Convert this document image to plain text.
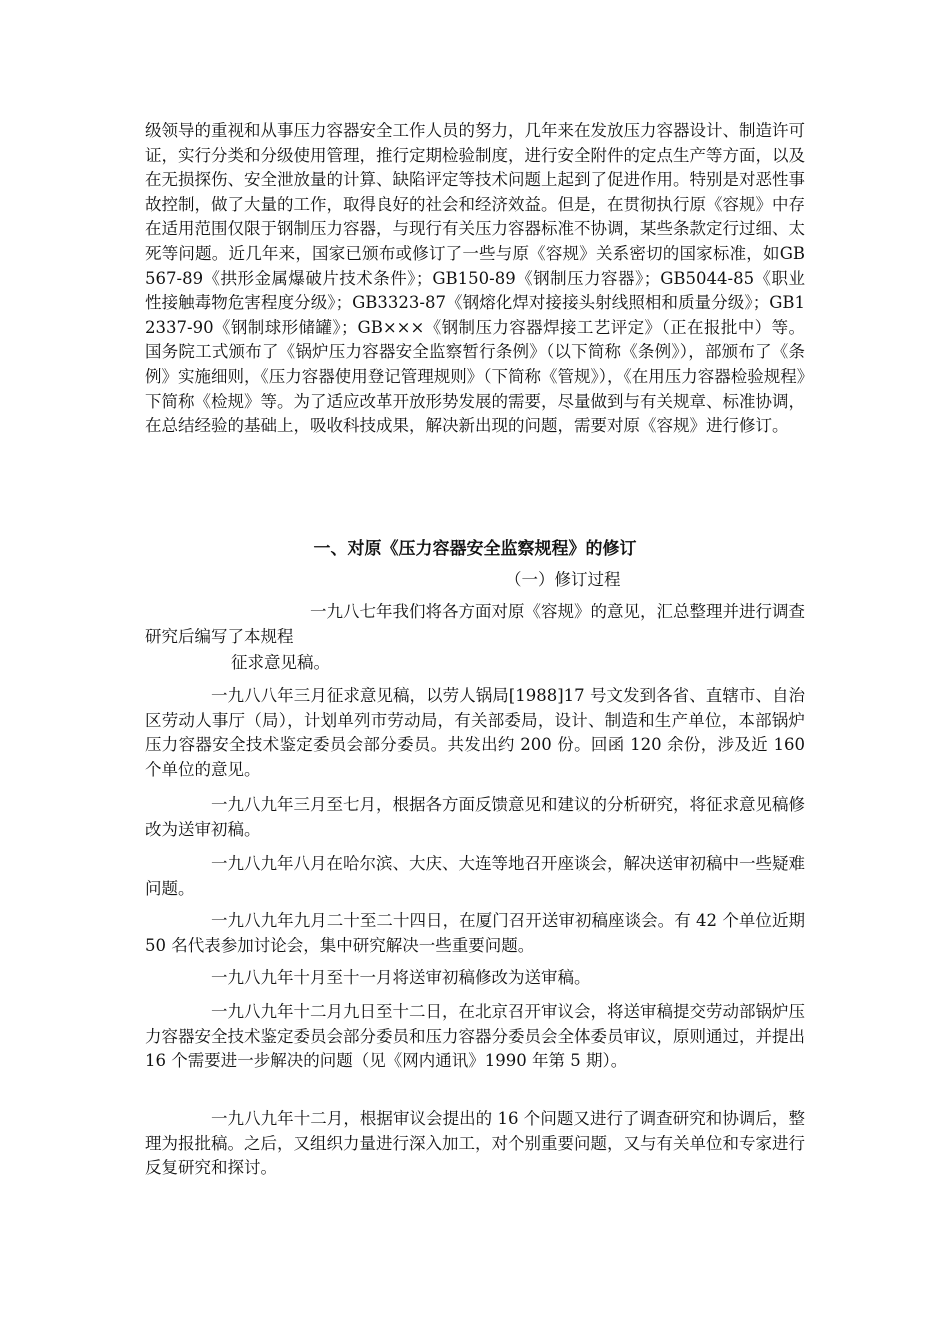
级领导的重视和从事压力容器安全工作人员的努力，几年来在发放压力容器设计、制造许可证，实行分类和分级使用管理，推行定期检验制度，进行安全附件的定点生产等方面，以及在无损探伤、安全泄放量的计算、缺陷评定等技术问题上起到了促进作用。特别是对恶性事故控制，做了大量的工作，取得良好的社会和经济效益。但是，在贯彻执行原《容规》中存在适用范围仅限于钢制压力容器，与现行有关压力容器标准不协调，某些条款定行过细、太死等问题。近几年来，国家已颁布或修订了一些与原《容规》关系密切的国家标准，如GB567-89《拱形金属爆破片技术条件》；GB150-89《钢制压力容器》；GB5044-85《职业性接触毒物危害程度分级》；GB3323-87《钢熔化焊对接接头射线照相和质量分级》；GB12337-90《钢制球形储罐》；GB×××《钢制压力容器焊接工艺评定》（正在报批中）等。国务院工式颁布了《锅炉压力容器安全监察暂行条例》（以下简称《条例》），部颁布了《条例》实施细则，《压力容器使用登记管理规则》（下简称《管规》），《在用压力容器检验规程》下简称《检规》等。为了适应改革开放形势发展的需要，尽量做到与有关规章、标准协调，在总结经验的基础上，吸收科技成果，解决新出现的问题，需要对原《容规》进行修订。
一、对原《压力容器安全监察规程》的修订
（一）修订过程
一九八七年我们将各方面对原《容规》的意见，汇总整理并进行调查研究后编写了本规程
征求意见稿。
一九八八年三月征求意见稿，以劳人锅局[1988]17 号文发到各省、直辖市、自治区劳动人事厅（局），计划单列市劳动局，有关部委局，设计、制造和生产单位，本部锅炉压力容器安全技术鉴定委员会部分委员。共发出约 200 份。回函 120 余份，涉及近 160 个单位的意见。
一九八九年三月至七月，根据各方面反馈意见和建议的分析研究，将征求意见稿修改为送审初稿。
一九八九年八月在哈尔滨、大庆、大连等地召开座谈会，解决送审初稿中一些疑难问题。
一九八九年九月二十至二十四日，在厦门召开送审初稿座谈会。有 42 个单位近期 50 名代表参加讨论会，集中研究解决一些重要问题。
一九八九年十月至十一月将送审初稿修改为送审稿。
一九八九年十二月九日至十二日，在北京召开审议会，将送审稿提交劳动部锅炉压力容器安全技术鉴定委员会部分委员和压力容器分委员会全体委员审议，原则通过，并提出 16 个需要进一步解决的问题（见《网内通讯》1990 年第 5 期）。
一九八九年十二月，根据审议会提出的 16 个问题又进行了调查研究和协调后，整理为报批稿。之后，又组织力量进行深入加工，对个别重要问题，又与有关单位和专家进行反复研究和探讨。
